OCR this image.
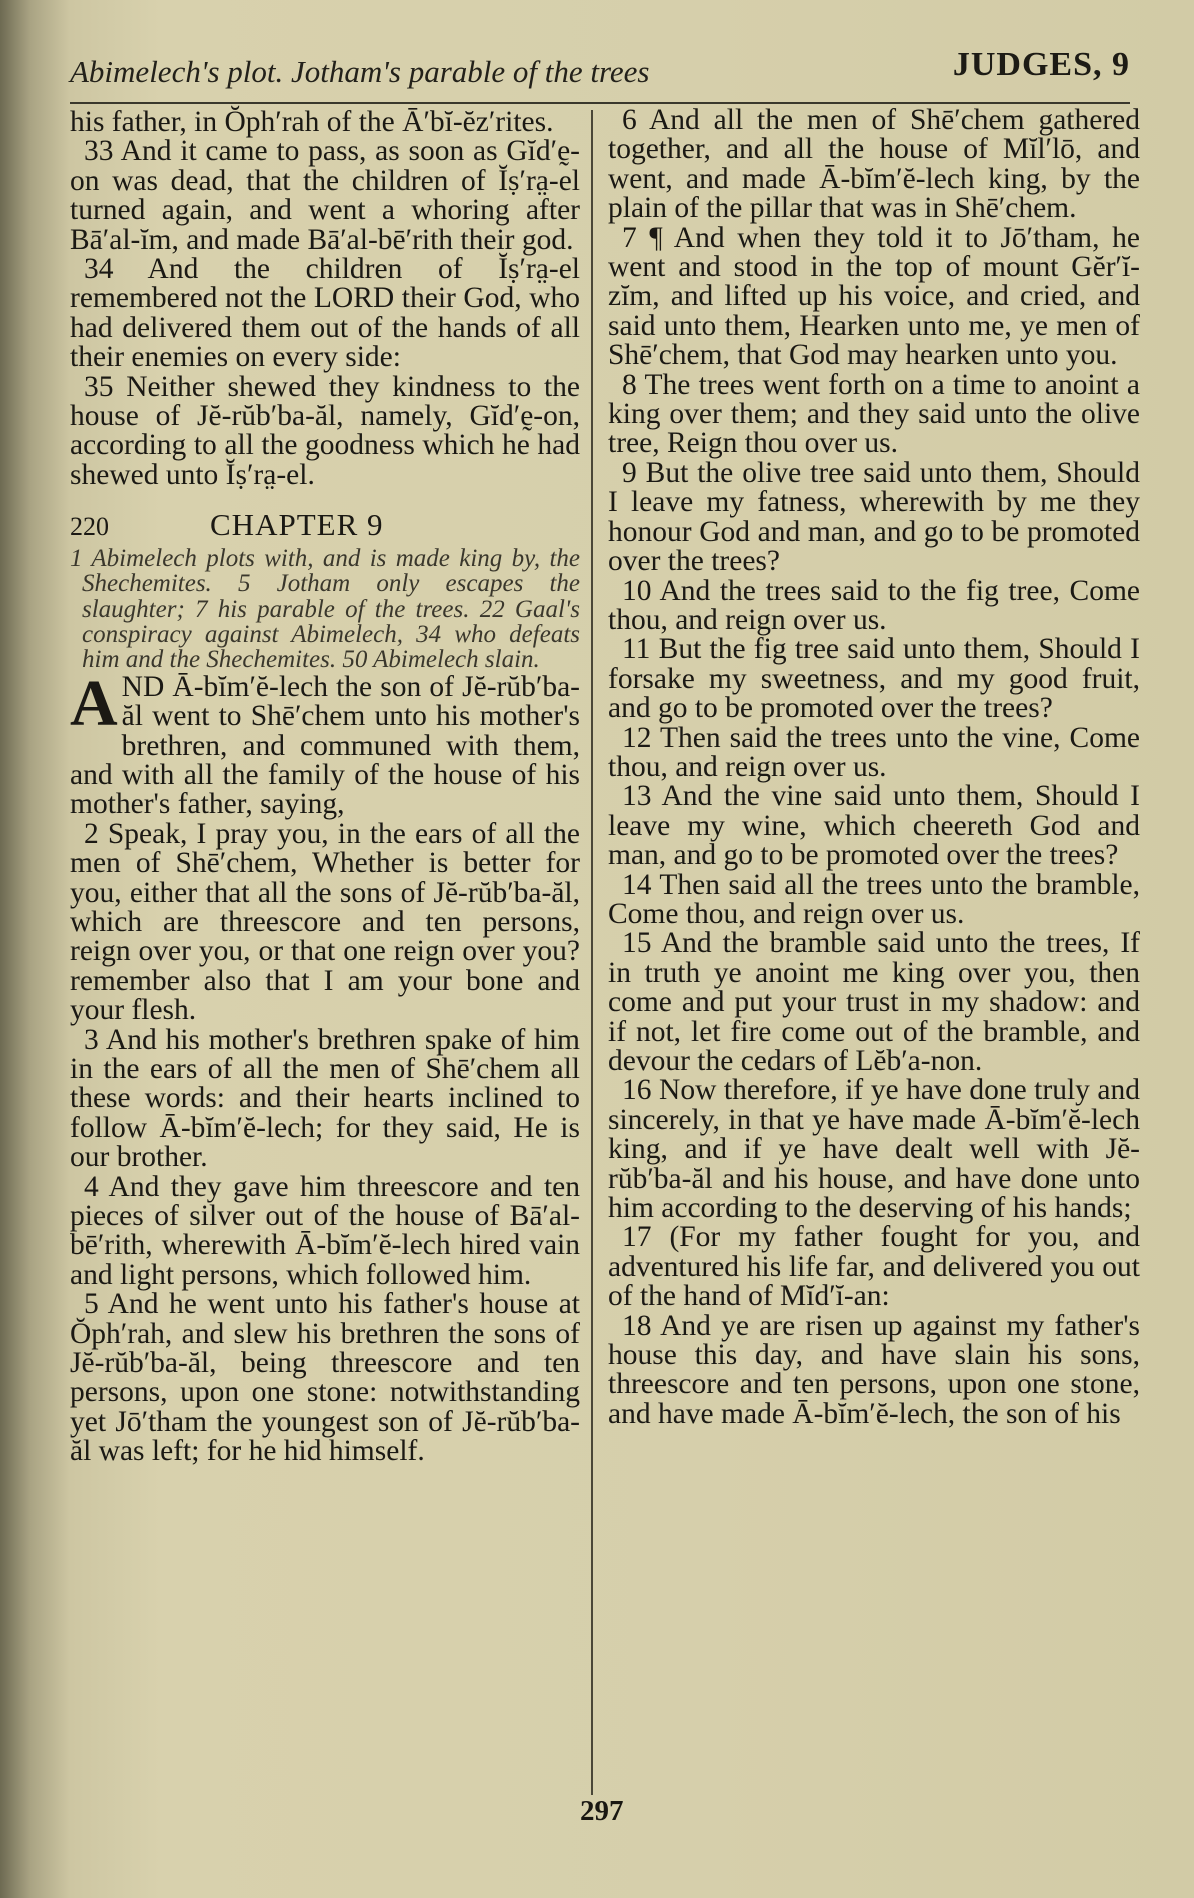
Abimelech's plot. Jotham's parable of the trees	JUDGES, 9

his father, in Ŏph′rah of the Ā′bĭ-ĕz′rites.

33 And it came to pass, as soon as Gĭd′ḛ-on was dead, that the children of Ĭṣ′ra̤-el turned again, and went a whoring after Bā′al-ĭm, and made Bā′al-bē′rith their god.

34 And the children of Ĭṣ′ra̤-el remembered not the LORD their God, who had delivered them out of the hands of all their enemies on every side:

35 Neither shewed they kindness to the house of Jĕ-rŭb′ba-ăl, namely, Gĭd′ḛ-on, according to all the goodness which he had shewed unto Ĭṣ′ra̤-el.

220	CHAPTER 9

1 Abimelech plots with, and is made king by, the Shechemites. 5 Jotham only escapes the slaughter; 7 his parable of the trees. 22 Gaal's conspiracy against Abimelech, 34 who defeats him and the Shechemites. 50 Abimelech slain.

AND Ā-bĭm′ĕ-lech the son of Jĕ-rŭb′ba-ăl went to Shē′chem unto his mother's brethren, and communed with them, and with all the family of the house of his mother's father, saying,

2 Speak, I pray you, in the ears of all the men of Shē′chem, Whether is better for you, either that all the sons of Jĕ-rŭb′ba-ăl, which are threescore and ten persons, reign over you, or that one reign over you? remember also that I am your bone and your flesh.

3 And his mother's brethren spake of him in the ears of all the men of Shē′chem all these words: and their hearts inclined to follow Ā-bĭm′ĕ-lech; for they said, He is our brother.

4 And they gave him threescore and ten pieces of silver out of the house of Bā′al-bē′rith, wherewith Ā-bĭm′ĕ-lech hired vain and light persons, which followed him.

5 And he went unto his father's house at Ŏph′rah, and slew his brethren the sons of Jĕ-rŭb′ba-ăl, being threescore and ten persons, upon one stone: notwithstanding yet Jō′tham the youngest son of Jĕ-rŭb′ba-ăl was left; for he hid himself.

6 And all the men of Shē′chem gathered together, and all the house of Mĭl′lō, and went, and made Ā-bĭm′ĕ-lech king, by the plain of the pillar that was in Shē′chem.

7 ¶ And when they told it to Jō′tham, he went and stood in the top of mount Gĕr′ĭ-zĭm, and lifted up his voice, and cried, and said unto them, Hearken unto me, ye men of Shē′chem, that God may hearken unto you.

8 The trees went forth on a time to anoint a king over them; and they said unto the olive tree, Reign thou over us.

9 But the olive tree said unto them, Should I leave my fatness, wherewith by me they honour God and man, and go to be promoted over the trees?

10 And the trees said to the fig tree, Come thou, and reign over us.

11 But the fig tree said unto them, Should I forsake my sweetness, and my good fruit, and go to be promoted over the trees?

12 Then said the trees unto the vine, Come thou, and reign over us.

13 And the vine said unto them, Should I leave my wine, which cheereth God and man, and go to be promoted over the trees?

14 Then said all the trees unto the bramble, Come thou, and reign over us.

15 And the bramble said unto the trees, If in truth ye anoint me king over you, then come and put your trust in my shadow: and if not, let fire come out of the bramble, and devour the cedars of Lĕb′a-non.

16 Now therefore, if ye have done truly and sincerely, in that ye have made Ā-bĭm′ĕ-lech king, and if ye have dealt well with Jĕ-rŭb′ba-ăl and his house, and have done unto him according to the deserving of his hands;

17 (For my father fought for you, and adventured his life far, and delivered you out of the hand of Mĭd′ĭ-an:

18 And ye are risen up against my father's house this day, and have slain his sons, threescore and ten persons, upon one stone, and have made Ā-bĭm′ĕ-lech, the son of his

297
